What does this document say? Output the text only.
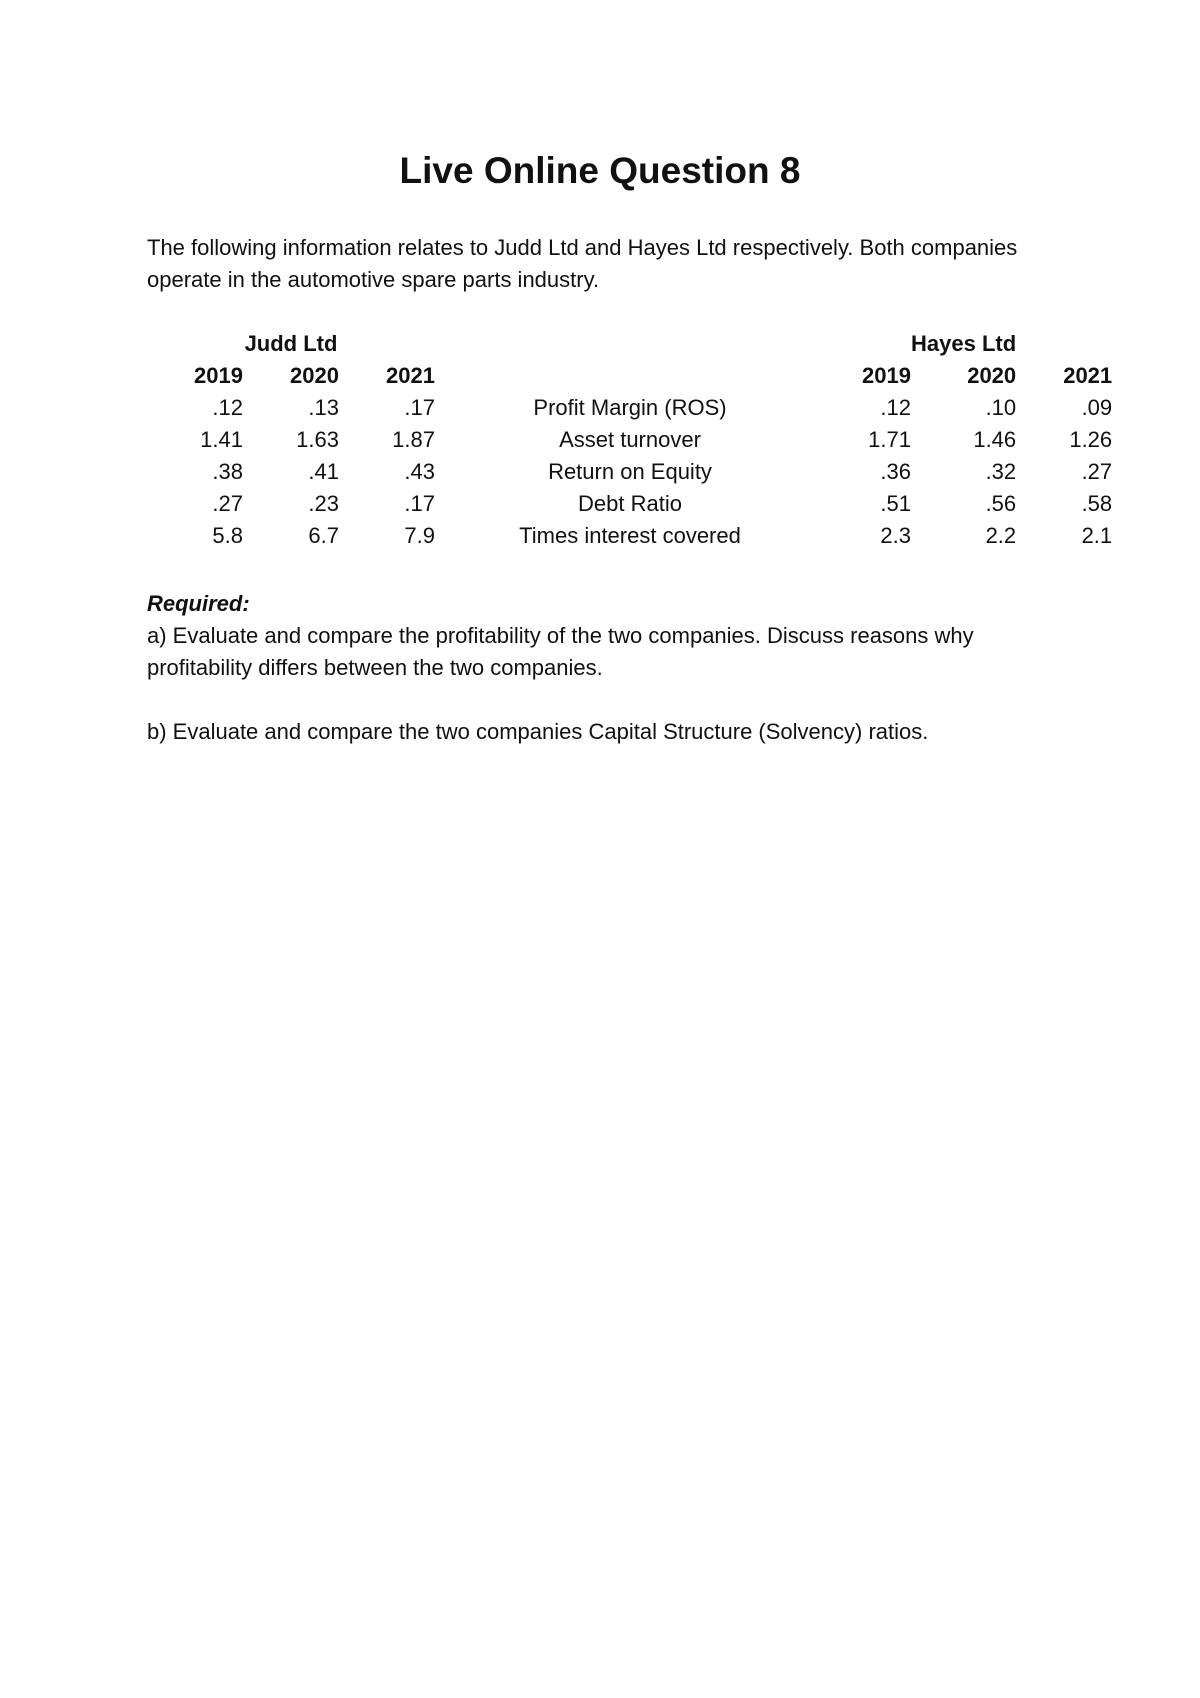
Live Online Question 8
The following information relates to Judd Ltd and Hayes Ltd respectively. Both companies operate in the automotive spare parts industry.
	Judd Ltd					Hayes Ltd	
2019	2020	2021			2019	2020	2021
.12	.13	.17		Profit Margin (ROS)	.12	.10	.09
1.41	1.63	1.87		Asset turnover	1.71	1.46	1.26
.38	.41	.43		Return on Equity	.36	.32	.27
.27	.23	.17		Debt Ratio	.51	.56	.58
5.8	6.7	7.9		Times interest covered	2.3	2.2	2.1
Required:
a) Evaluate and compare the profitability of the two companies. Discuss reasons why profitability differs between the two companies.
b) Evaluate and compare the two companies Capital Structure (Solvency) ratios.
